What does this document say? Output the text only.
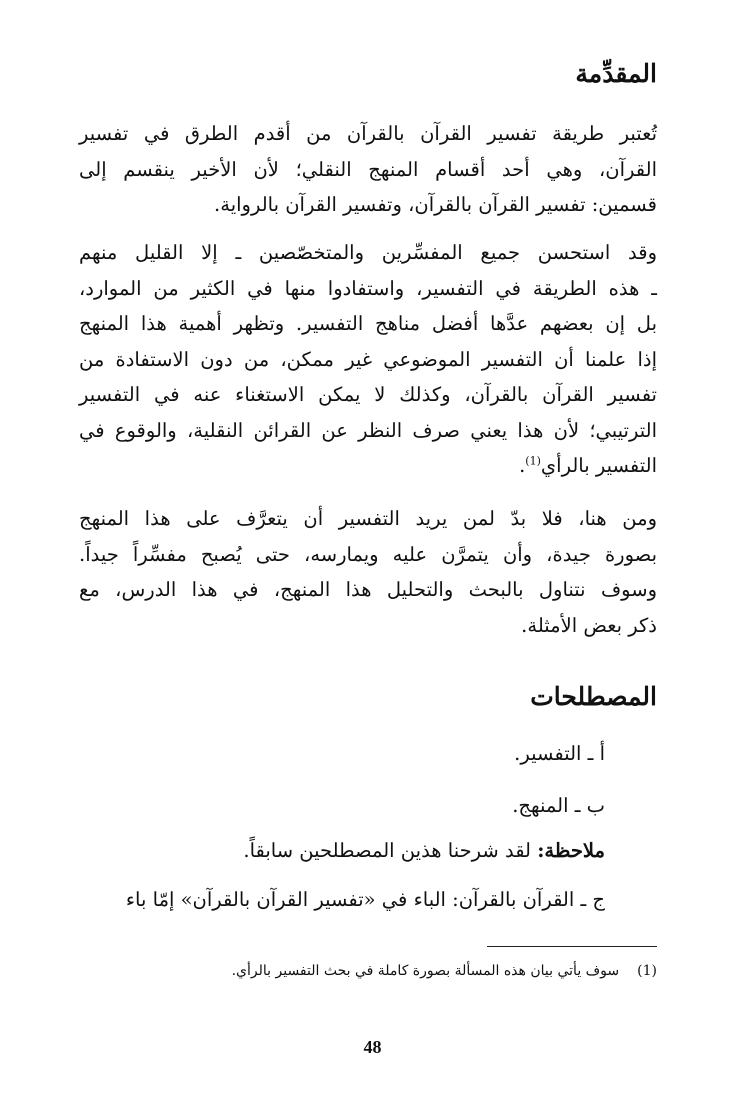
المقدِّمة
تُعتبر طريقة تفسير القرآن بالقرآن من أقدم الطرق في تفسير
القرآن، وهي أحد أقسام المنهج النقلي؛ لأن الأخير ينقسم إلى
قسمين: تفسير القرآن بالقرآن، وتفسير القرآن بالرواية.
وقد استحسن جميع المفسِّرين والمتخصّصين ـ إلا القليل منهم
ـ هذه الطريقة في التفسير، واستفادوا منها في الكثير من الموارد،
بل إن بعضهم عدَّها أفضل مناهج التفسير. وتظهر أهمية هذا المنهج
إذا علمنا أن التفسير الموضوعي غير ممكن، من دون الاستفادة من
تفسير القرآن بالقرآن، وكذلك لا يمكن الاستغناء عنه في التفسير
الترتيبي؛ لأن هذا يعني صرف النظر عن القرائن النقلية، والوقوع في
التفسير بالرأي$^{(1)}$.
ومن هنا، فلا بدّ لمن يريد التفسير أن يتعرَّف على هذا المنهج
بصورة جيدة، وأن يتمرَّن عليه ويمارسه، حتى يُصبح مفسِّراً جيداً.
وسوف نتناول بالبحث والتحليل هذا المنهج، في هذا الدرس، مع
ذكر بعض الأمثلة.
المصطلحات
أ ـ التفسير.
ب ـ المنهج.
ملاحظة: لقد شرحنا هذين المصطلحين سابقاً.
ج ـ القرآن بالقرآن: الباء في «تفسير القرآن بالقرآن» إمّا باء
(1)سوف يأتي بيان هذه المسألة بصورة كاملة في بحث التفسير بالرأي.
48
